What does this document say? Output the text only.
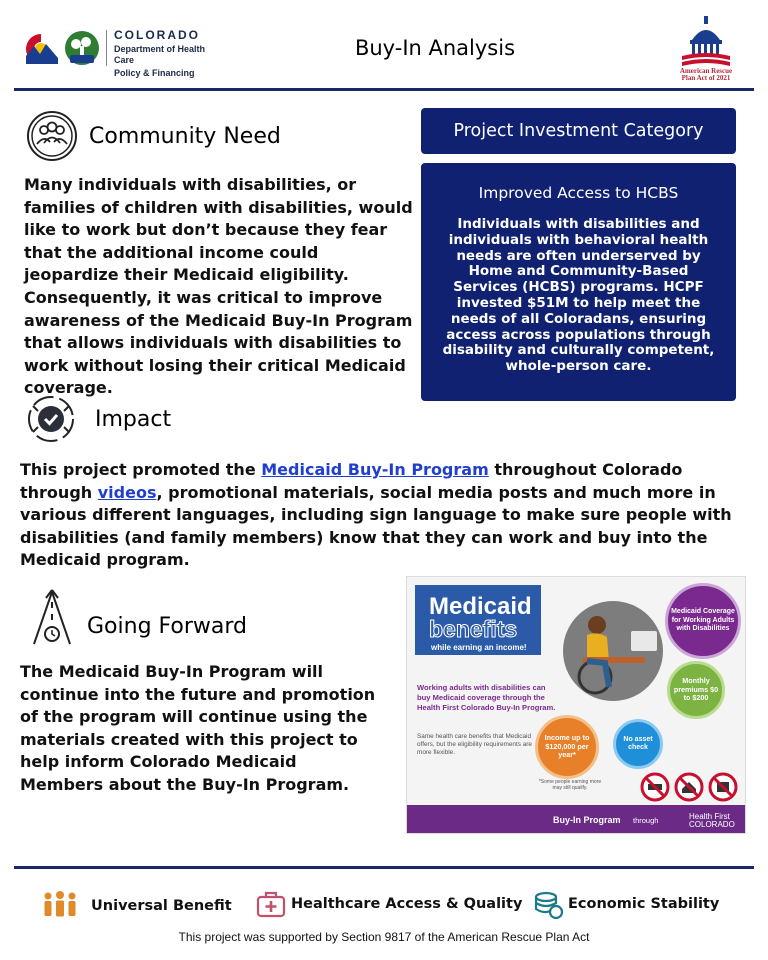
COLORADO
Department of Health Care
Policy & Financing
Buy-In Analysis
American Rescue
Plan Act of 2021
Community Need
Many individuals with disabilities, or families of children with disabilities, would like to work but don’t because they fear that the additional income could jeopardize their Medicaid eligibility. Consequently, it was critical to improve awareness of the Medicaid Buy-In Program that allows individuals with disabilities to work without losing their critical Medicaid coverage.
Project Investment Category
Improved Access to HCBS
Individuals with disabilities and individuals with behavioral health needs are often underserved by Home and Community-Based Services (HCBS) programs. HCPF invested $51M to help meet the needs of all Coloradans, ensuring access across populations through disability and culturally competent, whole-person care.
Impact
This project promoted the Medicaid Buy-In Program throughout Colorado through videos, promotional materials, social media posts and much more in various different languages, including sign language to make sure people with disabilities (and family members) know that they can work and buy into the Medicaid program.
Going Forward
The Medicaid Buy-In Program will continue into the future and promotion of the program will continue using the materials created with this project to help inform Colorado Medicaid Members about the Buy-In Program.
Medicaid
benefits
while earning an income!
Working adults with disabilities can buy Medicaid coverage through the Health First Colorado Buy-In Program.
Same health care benefits that Medicaid offers, but the eligibility requirements are more flexible.
Medicaid Coverage for Working Adults with Disabilities
Monthly premiums $0 to $200
Income up to $120,000 per year*
No asset check
*Some people earning more may still qualify.
Buy-In Program through	Health First
COLORADO
Universal Benefit	Healthcare Access & Quality	Economic Stability
This project was supported by Section 9817 of the American Rescue Plan Act
